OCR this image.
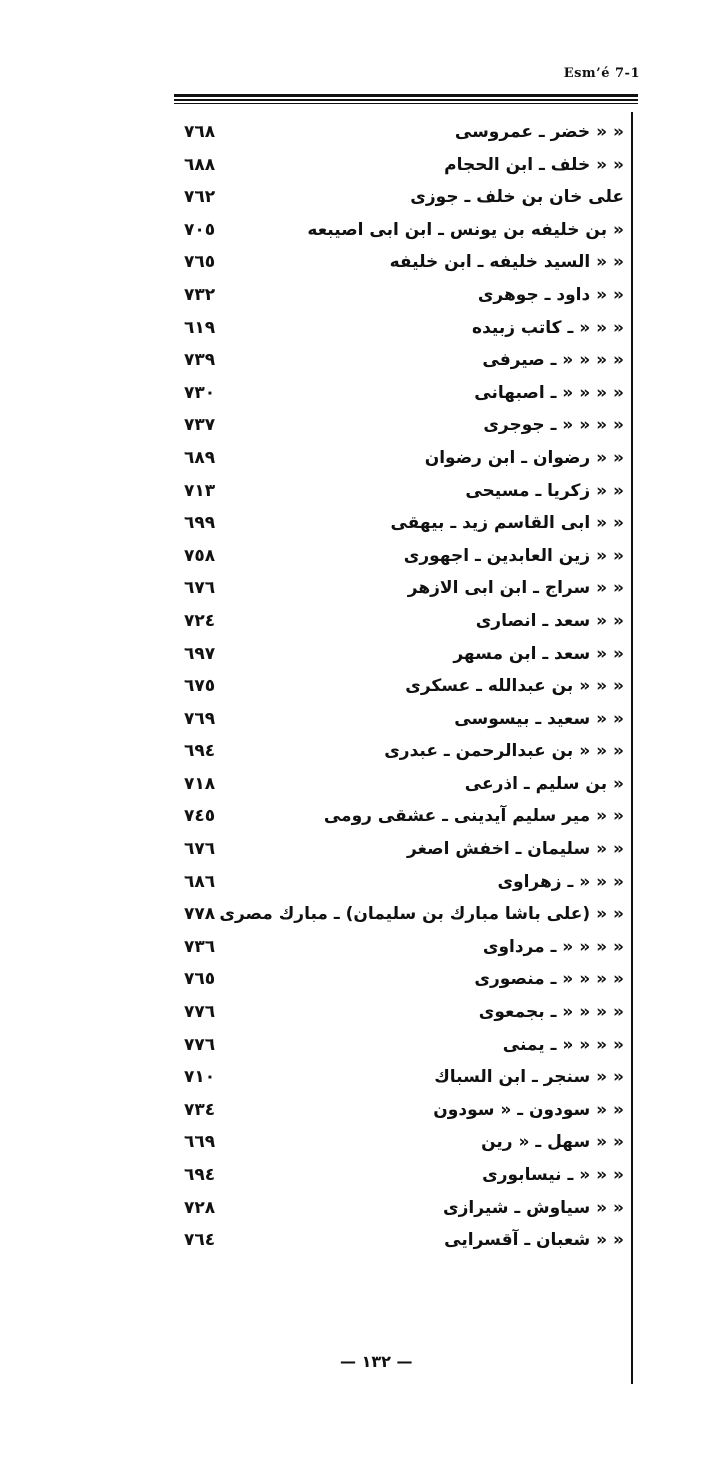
Esm’é 7-1
« « خضر ـ عمروسى
٧٦٨
« « خلف ـ ابن الحجام
٦٨٨
على خان بن خلف ـ جوزى
٧٦٢
« بن خليفه بن يونس ـ ابن ابى اصيبعه
٧٠٥
« « السيد خليفه ـ ابن خليفه
٧٦٥
« « داود ـ جوهرى
٧٣٢
« « « ـ كاتب زبيده
٦١٩
« « « « ـ صيرفى
٧٣٩
« « « « ـ اصبهانى
٧٣٠
« « « « ـ جوجرى
٧٣٧
« « رضوان ـ ابن رضوان
٦٨٩
« « زكريا ـ مسيحى
٧١٣
« « ابى القاسم زيد ـ بيهقى
٦٩٩
« « زين العابدين ـ اجهورى
٧٥٨
« « سراج ـ ابن ابى الازهر
٦٧٦
« « سعد ـ انصارى
٧٢٤
« « سعد ـ ابن مسهر
٦٩٧
« « « بن عبدالله ـ عسكرى
٦٧٥
« « سعيد ـ بيسوسى
٧٦٩
« « « بن عبدالرحمن ـ عبدرى
٦٩٤
« بن سليم ـ اذرعى
٧١٨
« « مير سليم آيدينى ـ عشقى رومى
٧٤٥
« « سليمان ـ اخفش اصغر
٦٧٦
« « « ـ زهراوى
٦٨٦
« « (على باشا مبارك بن سليمان) ـ مبارك مصرى
٧٧٨
« « « « ـ مرداوى
٧٣٦
« « « « ـ منصورى
٧٦٥
« « « « ـ بجمعوى
٧٧٦
« « « « ـ يمنى
٧٧٦
« « سنجر ـ ابن السباك
٧١٠
« « سودون ـ « سودون
٧٣٤
« « سهل ـ « رين
٦٦٩
« « « ـ نيسابورى
٦٩٤
« « سياوش ـ شيرازى
٧٢٨
« « شعبان ـ آقسرايى
٧٦٤
— ١٣٢ —
